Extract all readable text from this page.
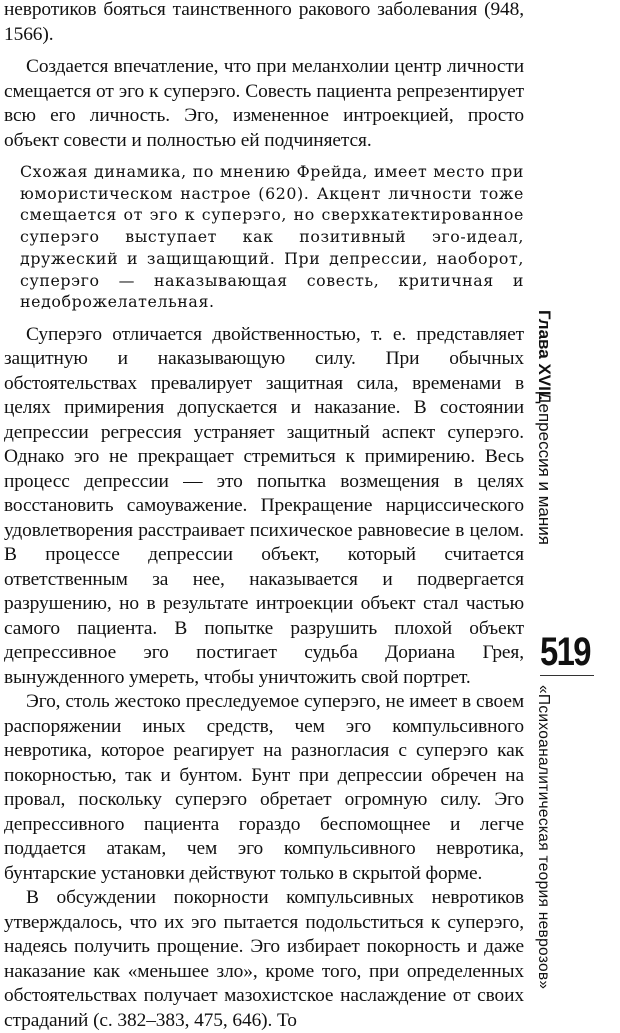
невротиков бояться таинственного ракового заболевания (948, 1566).

Создается впечатление, что при меланхолии центр личности смещается от эго к суперэго. Совесть пациента репрезентирует всю его личность. Эго, измененное интроекцией, просто объект совести и полностью ей подчиняется.

Схожая динамика, по мнению Фрейда, имеет место при юмористическом настрое (620). Акцент личности тоже смещается от эго к суперэго, но сверхкатектированное суперэго выступает как позитивный эго-идеал, дружеский и защищающий. При депрессии, наоборот, суперэго — наказывающая совесть, критичная и недоброжелательная.

Суперэго отличается двойственностью, т. е. представляет защитную и наказывающую силу. При обычных обстоятельствах превалирует защитная сила, временами в целях примирения допускается и наказание. В состоянии депрессии регрессия устраняет защитный аспект суперэго. Однако эго не прекращает стремиться к примирению. Весь процесс депрессии — это попытка возмещения в целях восстановить самоуважение. Прекращение нарциссического удовлетворения расстраивает психическое равновесие в целом. В процессе депрессии объект, который считается ответственным за нее, наказывается и подвергается разрушению, но в результате интроекции объект стал частью самого пациента. В попытке разрушить плохой объект депрессивное эго постигает судьба Дориана Грея, вынужденного умереть, чтобы уничтожить свой портрет.

Эго, столь жестоко преследуемое суперэго, не имеет в своем распоряжении иных средств, чем эго компульсивного невротика, которое реагирует на разногласия с суперэго как покорностью, так и бунтом. Бунт при депрессии обречен на провал, поскольку суперэго обретает огромную силу. Эго депрессивного пациента гораздо беспомощнее и легче поддается атакам, чем эго компульсивного невротика, бунтарские установки действуют только в скрытой форме.

В обсуждении покорности компульсивных невротиков утверждалось, что их эго пытается подольститься к суперэго, надеясь получить прощение. Эго избирает покорность и даже наказание как «меньшее зло», кроме того, при определенных обстоятельствах получает мазохистское наслаждение от своих страданий (с. 382–383, 475, 646). То

Глава XVII.
Депрессия и мания
519
«Психоаналитическая теория неврозов»
